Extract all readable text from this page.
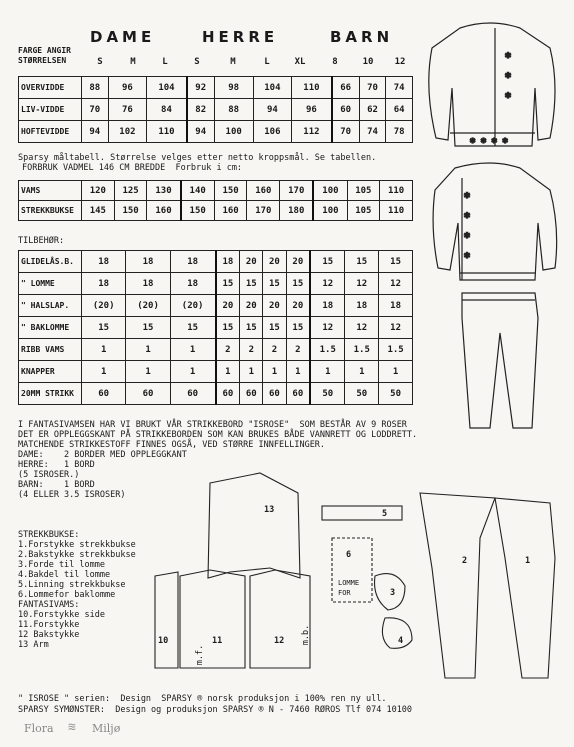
DAME	HERRE	BARN
FARGE ANGIR
STØRRELSEN	S	M	L	S	M	L	XL	8	10	12
OVERVIDDE	88	96	104	92	98	104	110	66	70	74
LIV-VIDDE	70	76	84	82	88	94	96	60	62	64
HOFTEVIDDE	94	102	110	94	100	106	112	70	74	78
Sparsy måltabell. Størrelse velges etter netto kroppsmål. Se tabellen.
FORBRUK VADMEL 146 CM BREDDE  Forbruk i cm:
VAMS	120	125	130	140	150	160	170	100	105	110
STREKKBUKSE	145	150	160	150	160	170	180	100	105	110
TILBEHØR:
GLIDELÅS.B.	18	18	18	18	20	20	20	15	15	15
" LOMME	18	18	18	15	15	15	15	12	12	12
" HALSLAP.	(20)	(20)	(20)	20	20	20	20	18	18	18
" BAKLOMME	15	15	15	15	15	15	15	12	12	12
RIBB VAMS	1	1	1	2	2	2	2	1.5	1.5	1.5
KNAPPER	1	1	1	1	1	1	1	1	1	1
20MM STRIKK	60	60	60	60	60	60	60	50	50	50
I FANTASIVAMSEN HAR VI BRUKT VÅR STRIKKEBORD "ISROSE"  SOM BESTÅR AV 9 ROSER
DET ER OPPLEGGSKANT PÅ STRIKKEBORDEN SOM KAN BRUKES BÅDE VANNRETT OG LODDRETT.
MATCHENDE STRIKKESTOFF FINNES OGSÅ, VED STØRRE INNFELLINGER.
DAME:    2 BORDER MED OPPLEGGKANT
HERRE:   1 BORD
(5 ISROSER.)
BARN:    1 BORD
(4 ELLER 3.5 ISROSER)
STREKKBUKSE:
1.Forstykke strekkbukse
2.Bakstykke strekkbukse
3.Forde til lomme
4.Bakdel til lomme
5.Linning strekkbukse
6.Lommefor baklomme
FANTASIVAMS:
10.Forstykke side
11.Forstykke
12 Bakstykke
13 Arm
✱
✱
✱
✱ ✱ ✱ ✱
✱
✱
✱
✱
13	5
6
LOMME
FOR	3
4
2	1
10	11	12
m.f.
m.b.
" ISROSE " serien:  Design  SPARSY ® norsk produksjon i 100% ren ny ull.
SPARSY SYMØNSTER:  Design og produksjon SPARSY ® N - 7460 RØROS Tlf 074 10100
Flora	Miljø
≋
